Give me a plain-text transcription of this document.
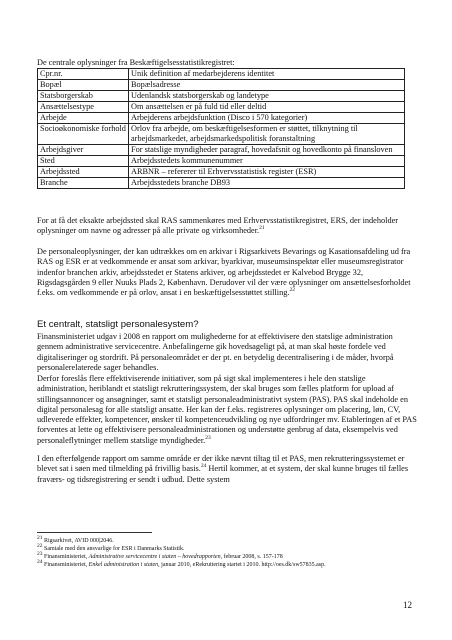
De centrale oplysninger fra Beskæftigelsesstatistikregistret:

Cpr.nr.	Unik definition af medarbejderens identitet
Bopæl	Bopælsadresse
Statsborgerskab	Udenlandsk statsborgerskab og landetype
Ansættelsestype	Om ansættelsen er på fuld tid eller deltid
Arbejde	Arbejderens arbejdsfunktion (Disco i 570 kategorier)
Socioøkonomiske forhold	Orlov fra arbejde, om beskæftigelsesformen er støttet, tilknytning til arbejdsmarkedet, arbejdsmarkedspolitisk foranstaltning
Arbejdsgiver	For statslige myndigheder paragraf, hovedafsnit og hovedkonto på finansloven
Sted	Arbejdsstedets kommunenummer
Arbejdssted	ARBNR – refererer til Erhvervsstatistisk register (ESR)
Branche	Arbejdsstedets branche DB93

For at få det eksakte arbejdssted skal RAS sammenkøres med Erhvervsstatistikregistret, ERS, der indeholder oplysninger om navne og adresser på alle private og virksomheder.$^{21}$

De personaleoplysninger, der kan udtrækkes om en arkivar i Rigsarkivets Bevarings og Kasationsafdeling ud fra RAS og ESR er at vedkommende er ansat som arkivar, byarkivar, museumsinspektør eller museumsregistrator indenfor branchen arkiv, arbejdsstedet er Statens arkiver, og arbejdsstedet er Kalvebod Brygge 32, Rigsdagsgården 9 eller Nuuks Plads 2, København. Derudover vil der være oplysninger om ansættelsesforholdet f.eks. om vedkommende er på orlov, ansat i en beskæftigelsesstøttet stilling.$^{22}$

Et centralt, statsligt personalesystem?

Finansministeriet udgav i 2008 en rapport om mulighederne for at effektivisere den statslige administration gennem administrative servicecentre. Anbefalingerne gik hovedsageligt på, at man skal høste fordele ved digitaliseringer og stordrift. På personaleområdet er der pt. en betydelig decentralisering i de måder, hvorpå personalerelaterede sager behandles.

Derfor foreslås flere effektiviserende initiativer, som på sigt skal implementeres i hele den statslige administration, heriblandt et statsligt rekrutteringssystem, der skal bruges som fælles platform for upload af stillingsannoncer og ansøgninger, samt et statsligt personaleadministrativt system (PAS). PAS skal indeholde en digital personalesag for alle statsligt ansatte. Her kan der f.eks. registreres oplysninger om placering, løn, CV, udleverede effekter, kompetencer, ønsker til kompetenceudvikling og nye udfordringer mv. Etableringen af et PAS forventes at lette og effektivisere personaleadministrationen og understøtte genbrug af data, eksempelvis ved personaleflytninger mellem statslige myndigheder.$^{23}$

I den efterfølgende rapport om samme område er der ikke nævnt tiltag til et PAS, men rekrutteringssystemet er blevet sat i søen med tilmelding på frivillig basis.$^{24}$ Hertil kommer, at et system, der skal kunne bruges til fælles fraværs- og tidsregistrering er sendt i udbud. Dette system

$^{21}$ Rigsarkivet, AVID 000|2046.
$^{22}$ Samtale med den ansvarlige for ESR i Danmarks Statistik.
$^{23}$ Finansministeriet, Administrative servicecentre i staten – hovedrapporten, februar 2008, s. 157-178
$^{24}$ Finansministeriet, Enkel administration i staten, januar 2010, eRekruttering startet i 2010. http://oes.dk/sw57835.asp.
12
